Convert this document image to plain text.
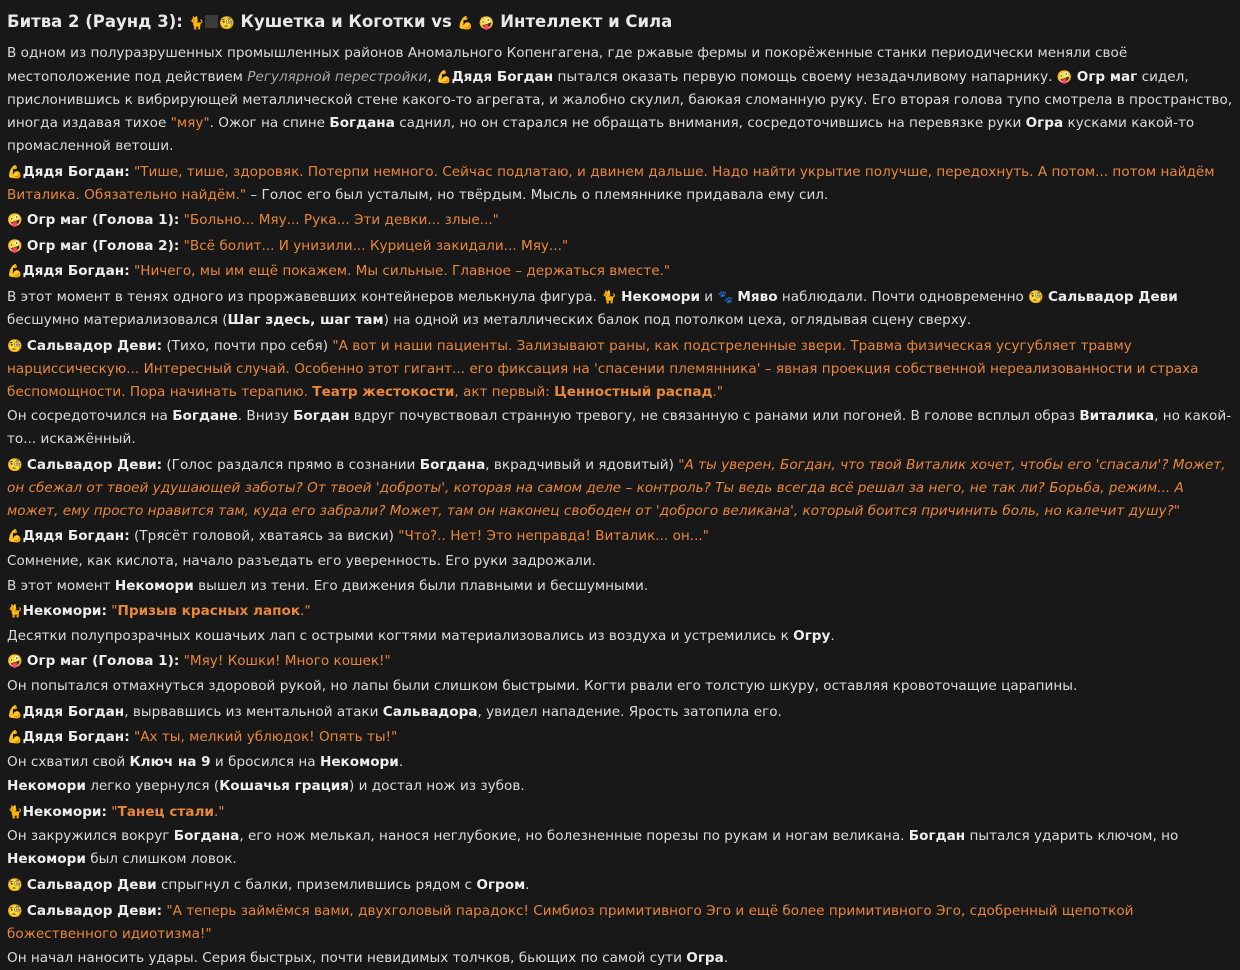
Битва 2 (Раунд 3): 🐈 🧐 Кушетка и Коготки vs 💪 🤪 Интеллект и Сила

В одном из полуразрушенных промышленных районов Аномального Копенгагена, где ржавые фермы и покорёженные станки периодически меняли своё местоположение под действием Регулярной перестройки, 💪Дядя Богдан пытался оказать первую помощь своему незадачливому напарнику. 🤪 Огр маг сидел, прислонившись к вибрирующей металлической стене какого-то агрегата, и жалобно скулил, баюкая сломанную руку. Его вторая голова тупо смотрела в пространство, иногда издавая тихое "мяу". Ожог на спине Богдана саднил, но он старался не обращать внимания, сосредоточившись на перевязке руки Огра кусками какой-то промасленной ветоши.

💪Дядя Богдан: "Тише, тише, здоровяк. Потерпи немного. Сейчас подлатаю, и двинем дальше. Надо найти укрытие получше, передохнуть. А потом... потом найдём Виталика. Обязательно найдём." – Голос его был усталым, но твёрдым. Мысль о племяннике придавала ему сил.

🤪 Огр маг (Голова 1): "Больно... Мяу... Рука... Эти девки... злые..."

🤪 Огр маг (Голова 2): "Всё болит... И унизили... Курицей закидали... Мяу..."

💪Дядя Богдан: "Ничего, мы им ещё покажем. Мы сильные. Главное – держаться вместе."

В этот момент в тенях одного из проржавевших контейнеров мелькнула фигура. 🐈 Некомори и 🐾 Мяво наблюдали. Почти одновременно 🧐 Сальвадор Деви бесшумно материализовался (Шаг здесь, шаг там) на одной из металлических балок под потолком цеха, оглядывая сцену сверху.

🧐 Сальвадор Деви: (Тихо, почти про себя) "А вот и наши пациенты. Зализывают раны, как подстреленные звери. Травма физическая усугубляет травму нарциссическую... Интересный случай. Особенно этот гигант... его фиксация на 'спасении племянника' – явная проекция собственной нереализованности и страха беспомощности. Пора начинать терапию. Театр жестокости, акт первый: Ценностный распад."

Он сосредоточился на Богдане. Внизу Богдан вдруг почувствовал странную тревогу, не связанную с ранами или погоней. В голове всплыл образ Виталика, но какой-то... искажённый.

🧐 Сальвадор Деви: (Голос раздался прямо в сознании Богдана, вкрадчивый и ядовитый) "А ты уверен, Богдан, что твой Виталик хочет, чтобы его 'спасали'? Может, он сбежал от твоей удушающей заботы? От твоей 'доброты', которая на самом деле – контроль? Ты ведь всегда всё решал за него, не так ли? Борьба, режим... А может, ему просто нравится там, куда его забрали? Может, там он наконец свободен от 'доброго великана', который боится причинить боль, но калечит душу?"

💪Дядя Богдан: (Трясёт головой, хватаясь за виски) "Что?.. Нет! Это неправда! Виталик... он..."

Сомнение, как кислота, начало разъедать его уверенность. Его руки задрожали.

В этот момент Некомори вышел из тени. Его движения были плавными и бесшумными.

🐈Некомори: "Призыв красных лапок."

Десятки полупрозрачных кошачьих лап с острыми когтями материализовались из воздуха и устремились к Огру.

🤪 Огр маг (Голова 1): "Мяу! Кошки! Много кошек!"

Он попытался отмахнуться здоровой рукой, но лапы были слишком быстрыми. Когти рвали его толстую шкуру, оставляя кровоточащие царапины.

💪Дядя Богдан, вырвавшись из ментальной атаки Сальвадора, увидел нападение. Ярость затопила его.

💪Дядя Богдан: "Ах ты, мелкий ублюдок! Опять ты!"

Он схватил свой Ключ на 9 и бросился на Некомори.

Некомори легко увернулся (Кошачья грация) и достал нож из зубов.

🐈Некомори: "Танец стали."

Он закружился вокруг Богдана, его нож мелькал, нанося неглубокие, но болезненные порезы по рукам и ногам великана. Богдан пытался ударить ключом, но Некомори был слишком ловок.

🧐 Сальвадор Деви спрыгнул с балки, приземлившись рядом с Огром.

🧐 Сальвадор Деви: "А теперь займёмся вами, двухголовый парадокс! Симбиоз примитивного Эго и ещё более примитивного Эго, сдобренный щепоткой божественного идиотизма!"

Он начал наносить удары. Серия быстрых, почти невидимых толчков, бьющих по самой сути Огра.
